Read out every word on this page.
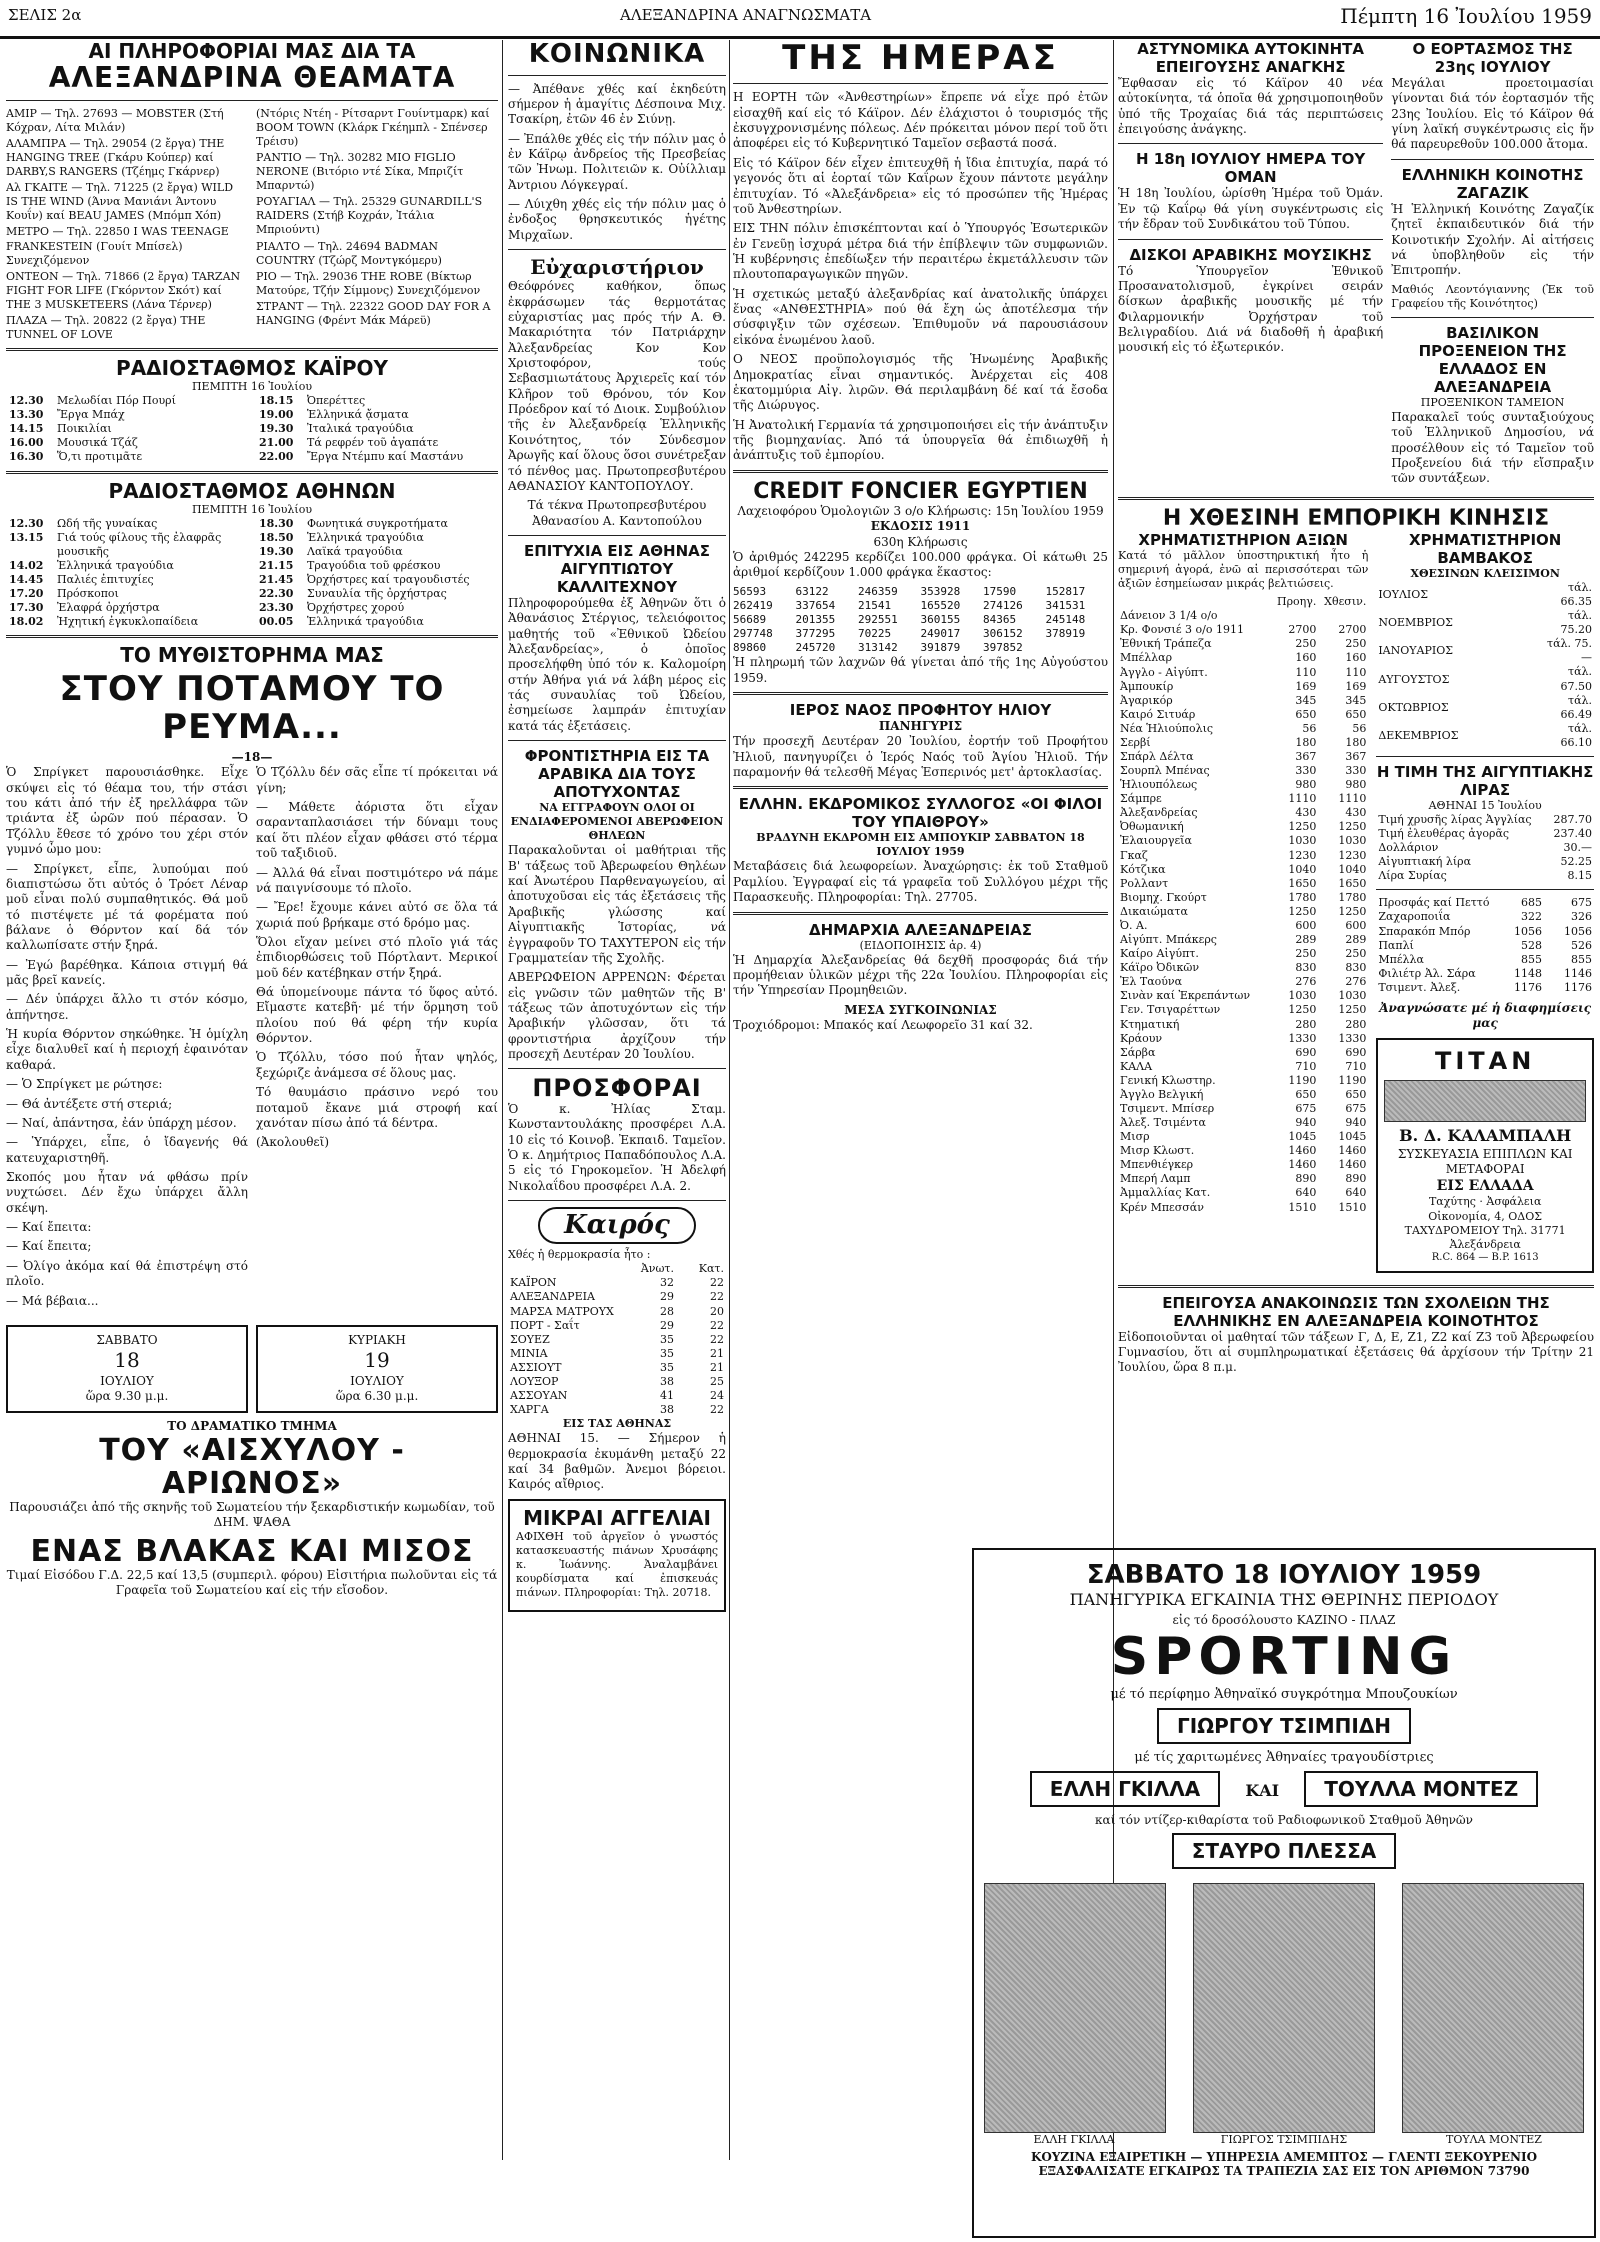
ΣΕΛΙΣ 2α	ΑΛΕΞΑΝΔΡΙΝΑ ΑΝΑΓΝΩΣΜΑΤΑ	Πέμπτη 16 Ἰουλίου 1959
ΑΙ ΠΛΗΡΟΦΟΡΙΑΙ ΜΑΣ ΔΙΑ ΤΑ
ΑΛΕΞΑΝΔΡΙΝΑ ΘΕΑΜΑΤΑ
ΑΜΙΡ — Τηλ. 27693 — MOBSTER (Στή Κόχραν, Λίτα Μιλάν)
ΑΛΑΜΠΡΑ — Τηλ. 29054 (2 ἔργα) THE HANGING TREE (Γκάρυ Κούπερ) καί DARBY,S RANGERS (Τζέημς Γκάρνερ)
Αλ ΓΚΑΙΤΕ — Τηλ. 71225 (2 ἔργα) WILD IS THE WIND (Άννα Μανιάνι Άντονυ Κουΐν) καί BEAU JAMES (Μπόμπ Χόπ)
ΜΕΤΡΟ — Τηλ. 22850 I WAS TEENAGE FRANKESTEIN (Γουίτ Μπίσελ) Συνεχιζόμενον
ΟΝΤΕΟΝ — Τηλ. 71866 (2 ἔργα) TARZAN FIGHT FOR LIFE (Γκόρντον Σκότ) καί THE 3 MUSKETEERS (Λάνα Τέρνερ)
ΠΛΑΖΑ — Τηλ. 20822 (2 ἔργα) THE TUNNEL OF LOVE
(Ντόρις Ντέη - Ρίτσαρντ Γουίντμαρκ) καί BOOM TOWN (Κλάρκ Γκέημπλ - Σπένσερ Τρέισυ)
ΡΑΝΤΙΟ — Τηλ. 30282 MIO FIGLIO NERONE (Βιτόριο ντέ Σίκα, Μπριζίτ Μπαρντώ)
ΡΟΥΑΓΙΑΛ — Τηλ. 25329 GUNARDILL'S RAIDERS (Στήβ Κοχράν, Ἰτάλια Μπριούντι)
ΡΙΑΛΤΟ — Τηλ. 24694 BADMAN COUNTRY (Τζώρζ Μοντγκόμερυ)
ΡΙΟ — Τηλ. 29036 THE ROBE (Βίκτωρ Ματούρε, Τζήν Σίμμονς) Συνεχιζόμενον
ΣΤΡΑΝΤ — Τηλ. 22322 GOOD DAY FOR A HANGING (Φρέντ Μάκ Μάρεϋ)
ΡΑΔΙΟΣΤΑΘΜΟΣ ΚΑΪΡΟΥ
ΠΕΜΠΤΗ 16 Ἰουλίου
12.30	Μελωδίαι Πόρ Πουρί
13.30	Ἔργα Μπάχ
14.15	Ποικιλίαι
16.00	Μουσικά Τζάζ
16.30	Ὅ,τι προτιμᾶτε
18.15	Ὀπερέττες
19.00	Ἑλληνικά ᾄσματα
19.30	Ἰταλικά τραγούδια
21.00	Τά ρεφρέν τοῦ ἀγαπάτε
22.00	Ἔργα Ντέμπυ καί Μαστάνυ
ΡΑΔΙΟΣΤΑΘΜΟΣ ΑΘΗΝΩΝ
ΠΕΜΠΤΗ 16 Ἰουλίου
12.30	Ωδή τῆς γυναίκας
13.15	Γιά τούς φίλους τῆς ἐλαφρᾶς μουσικῆς
14.02	Ἑλληνικά τραγούδια
14.45	Παλιές ἐπιτυχίες
17.20	Πρόσκοποι
17.30	Ἐλαφρά ὀρχήστρα
18.02	Ἠχητική ἐγκυκλοπαίδεια
18.30	Φωνητικά συγκροτήματα
18.50	Ἑλληνικά τραγούδια
19.30	Λαϊκά τραγούδια
21.15	Τραγούδια τοῦ φρέσκου
21.45	Ὀρχήστρες καί τραγουδιστές
22.30	Συναυλία τῆς ὀρχήστρας
23.30	Ὀρχήστρες χορού
00.05	Ἑλληνικά τραγούδια
ΤΟ ΜΥΘΙΣΤΟΡΗΜΑ ΜΑΣ
ΣΤΟΥ ΠΟΤΑΜΟΥ ΤΟ ΡΕΥΜΑ...
—18—

Ὁ Σπρίγκετ παρουσιάσθηκε. Εἶχε σκύψει εἰς τό θέαμα του, τήν στάσι του κάτι ἀπό τήν ἐξ ηρελλάφρα τῶν τριάντα ἐξ ὡρῶν πού πέρασαν. Ὁ Τζόλλυ ἔθεσε τό χρόνο του χέρι στόν γυμνό ὦμο μου:

— Σπρίγκετ, εἶπε, λυπούμαι πού διαπιστώσω ὅτι αὐτός ὁ Τρόετ Λέναρ μοῦ εἶναι πολύ συμπαθητικός. Θά μοῦ τό πιστέψετε μέ τά φορέματα πού βάλανε ὁ Θόρντον καί δά τόν καλλωπίσατε στήν ξηρά.

— Ἐγώ βαρέθηκα. Κάποια στιγμή θά μᾶς βρεῖ κανείς.

— Δέν ὑπάρχει ἄλλο τι στόν κόσμο, ἀπήντησε.

Ἡ κυρία Θόρντον σηκώθηκε. Ἡ ὁμίχλη εἶχε διαλυθεῖ καί ἡ περιοχή ἐφαινόταν καθαρά.

— Ὁ Σπρίγκετ με ρώτησε:

— Θά ἀντέξετε στή στεριά;

— Ναί, ἀπάντησα, ἐάν ὑπάρχη μέσον.

— Ὑπάρχει, εἶπε, ὁ ἴδαγενής θά κατευχαριστηθῆ.

Σκοπός μου ἦταν νά φθάσω πρίν νυχτώσει. Δέν ἔχω ὑπάρχει ἄλλη σκέψη.

— Καί ἔπειτα:

— Καί ἔπειτα;

— Ὀλίγο ἀκόμα καί θά ἐπιστρέψη στό πλοῖο.

— Μά βέβαια...

Ὁ Τζόλλυ δέν σᾶς εἶπε τί πρόκειται νά γίνη;

— Μάθετε ἀόριστα ὅτι εἶχαν σαρανταπλασιάσει τήν δύναμι τους καί ὅτι πλέον εἶχαν φθάσει στό τέρμα τοῦ ταξιδιοῦ.

— Ἀλλά θά εἶναι ποστιμότερο νά πάμε νά παιγνίσουμε τό πλοῖο.

— Ἔρε! ἔχουμε κάνει αὐτό σε ὅλα τά χωριά πού βρήκαμε στό δρόμο μας.

Ὅλοι εἴχαν μείνει στό πλοῖο γιά τάς ἐπιδιορθώσεις τοῦ Πόρτλαντ. Μερικοί μοῦ δέν κατέβηκαν στήν ξηρά.

Θά ὑπομείνουμε πάντα τό ὕφος αὐτό. Εἴμαστε κατεβῆ· μέ τήν ὅρμηση τοῦ πλοίου πού θά φέρη τήν κυρία Θόρντον.

Ὁ Τζόλλυ, τόσο πού ἦταν ψηλός, ξεχώριζε ἀνάμεσα σέ ὅλους μας.

Τό θαυμάσιο πράσινο νερό του ποταμοῦ ἔκανε μιά στροφή καί χανόταν πίσω ἀπό τά δέντρα.

(Ἀκολουθεῖ)

ΣΑΒΒΑΤΟ
18
ΙΟΥΛΙΟΥ
ὥρα 9.30 μ.μ.
ΚΥΡΙΑΚΗ
19
ΙΟΥΛΙΟΥ
ὥρα 6.30 μ.μ.
ΤΟ ΔΡΑΜΑΤΙΚΟ ΤΜΗΜΑ
ΤΟΥ «ΑΙΣΧΥΛΟΥ - ΑΡΙΩΝΟΣ»

Παρουσιάζει ἀπό τῆς σκηνῆς τοῦ Σωματείου τήν ξεκαρδιστικήν κωμωδίαν, τοῦ ΔΗΜ. ΨΑΘΑ

ΕΝΑΣ ΒΛΑΚΑΣ ΚΑΙ ΜΙΣΟΣ

Τιμαί Εἰσόδου Γ.Δ. 22,5 καί 13,5 (συμπεριλ. φόρου) Εἰσιτήρια πωλοῦνται εἰς τά Γραφεῖα τοῦ Σωματείου καί εἰς τήν εἴσοδον.

ΚΟΙΝΩΝΙΚΑ

— Ἀπέθανε χθές καί ἐκηδεύτη σήμερον ἡ ἀμαγίτις Δέσποινα Μιχ. Τσακίρη, ἐτῶν 46 ἐν Σιύνῃ.

— Ἐπάλθε χθές εἰς τήν πόλιν μας ὁ ἐν Κάϊρῳ ἀνδρείος τῆς Πρεσβείας τῶν Ἠνωμ. Πολιτειῶν κ. Οὐίλλιαμ Ἀντριου Λόγκεγραί.

— Λύιχθη χθές εἰς τήν πόλιν μας ὁ ἐνδοξος θρησκευτικός ἡγέτης Μιρχαῖων.

Εὐχαριστήριον

Θεόφρόνες καθήκον, ὅπως ἐκφράσωμεν τάς θερμοτάτας εὐχαριστίας μας πρός τήν Α. Θ. Μακαριότητα τόν Πατριάρχην Ἀλεξανδρείας Κον Κον Χριστοφόρον, τούς Σεβασμιωτάτους Ἀρχιερεῖς καί τόν Κλῆρον τοῦ Θρόνου, τόν Κον Πρόεδρον καί τό Διοικ. Συμβούλιον τῆς ἐν Ἀλεξανδρείᾳ Ἑλληνικῆς Κοινότητος, τόν Σύνδεσμον Ἀρωγῆς καί ὅλους ὅσοι συνέτρεξαν τό πένθος μας. Πρωτοπρεσβυτέρου ΑΘΑΝΑΣΙΟΥ ΚΑΝΤΟΠΟΥΛΟΥ.

Τά τέκνα Πρωτοπρεσβυτέρου Ἀθανασίου Α. Καντοπούλου

ΕΠΙΤΥΧΙΑ ΕΙΣ ΑΘΗΝΑΣ ΑΙΓΥΠΤΙΩΤΟΥ ΚΑΛΛΙΤΕΧΝΟΥ

Πληροφορούμεθα ἐξ Ἀθηνῶν ὅτι ὁ Ἀθανάσιος Στέργιος, τελειόφοιτος μαθητής τοῦ «Ἐθνικοῦ Ὠδείου Ἀλεξανδρείας», ὁ ὁποῖος προσελήφθη ὑπό τόν κ. Καλομοίρη στήν Ἀθήνα γιά νά λάβη μέρος εἰς τάς συναυλίας τοῦ Ὠδείου, ἐσημείωσε λαμπράν ἐπιτυχίαν κατά τάς ἐξετάσεις.

ΦΡΟΝΤΙΣΤΗΡΙΑ ΕΙΣ ΤΑ ΑΡΑΒΙΚΑ ΔΙΑ ΤΟΥΣ ΑΠΟΤΥΧΟΝΤΑΣ
ΝΑ ΕΓΓΡΑΦΟΥΝ ΟΛΟΙ ΟΙ ΕΝΔΙΑΦΕΡΟΜΕΝΟΙ ΑΒΕΡΩΦΕΙΟΝ ΘΗΛΕΩΝ

Παρακαλοῦνται οἱ μαθήτριαι τῆς Β' τάξεως τοῦ Ἀβερωφείου Θηλέων καί Ἀνωτέρου Παρθεναγωγείου, αἱ ἀποτυχοῦσαι εἰς τάς ἐξετάσεις τῆς Ἀραβικῆς γλώσσης καί Αἰγυπτιακῆς Ἱστορίας, νά ἐγγραφοῦν ΤΟ ΤΑΧΥΤΕΡΟΝ εἰς τήν Γραμματείαν τῆς Σχολῆς.

ΑΒΕΡΩΦΕΙΟΝ ΑΡΡΕΝΩΝ: Φέρεται εἰς γνῶσιν τῶν μαθητῶν τῆς Β' τάξεως τῶν ἀποτυχόντων εἰς τήν Ἀραβικήν γλῶσσαν, ὅτι τά φροντιστήρια ἀρχίζουν τήν προσεχῆ Δευτέραν 20 Ἰουλίου.

ΠΡΟΣΦΟΡΑΙ

Ὁ κ. Ἠλίας Σταμ. Κωνσταντουλάκης προσφέρει Λ.Α. 10 εἰς τό Κοινοβ. Ἐκπαιδ. Ταμεῖον. Ὁ κ. Δημήτριος Παπαδόπουλος Λ.Α. 5 εἰς τό Γηροκομεῖον. Ἡ Ἀδελφή Νικολαΐδου προσφέρει Λ.Α. 2.

Καιρός
Χθές ἡ θερμοκρασία ἦτο :
	Ἀνωτ.	Κατ.
ΚΑΪΡΟΝ	32	22
ΑΛΕΞΑΝΔΡΕΙΑ	29	22
ΜΑΡΣΑ ΜΑΤΡΟΥΧ	28	20
ΠΟΡΤ - Σαΐτ	29	22
ΣΟΥΕΖ	35	22
ΜΙΝΙΑ	35	21
ΑΣΣΙΟΥΤ	35	21
ΛΟΥΞΟΡ	38	25
ΑΣΣΟΥΑΝ	41	24
ΧΑΡΓΑ	38	22
ΕΙΣ ΤΑΣ ΑΘΗΝΑΣ

ΑΘΗΝΑΙ 15. — Σήμερον ἡ θερμοκρασία ἐκυμάνθη μεταξύ 22 καί 34 βαθμῶν. Ἀνεμοι βόρειοι. Καιρός αἴθριος.

ΜΙΚΡΑΙ ΑΓΓΕΛΙΑΙ

ΑΦΙΧΘΗ τοῦ ἀργεῖον ὁ γνωστός κατασκευαστής πιάνων Χρυσάφης κ. Ἰωάννης. Ἀναλαμβάνει κουρδίσματα καί ἐπισκευάς πιάνων. Πληροφορίαι: Τηλ. 20718.

ΤΗΣ ΗΜΕΡΑΣ

Η ΕΟΡΤΗ τῶν «Ἀνθεστηρίων» ἔπρεπε νά εἶχε πρό ἐτῶν εἰσαχθῆ καί εἰς τό Κάϊρον. Δέν ἐλάχιστοι ὁ τουρισμός τῆς ἐκσυγχρονισμένης πόλεως. Δέν πρόκειται μόνον περί τοῦ ὅτι ἀποφέρει εἰς τό Κυβερνητικό Ταμεῖον σεβαστά ποσά.

Εἰς τό Κάϊρον δέν εἶχεν ἐπιτευχθῆ ἡ ἴδια ἐπιτυχία, παρά τό γεγονός ὅτι αἱ ἑορταί τῶν Καΐρων ἔχουν πάντοτε μεγάλην ἐπιτυχίαν. Τό «Ἀλεξάνδρεια» εἰς τό προσώπεν τῆς Ἡμέρας τοῦ Ἀνθεστηρίων.

ΕΙΣ ΤΗΝ πόλιν ἐπισκέπτονται καί ὁ Ὑπουργός Ἐσωτερικῶν ἐν Γενεῦῃ ἰσχυρά μέτρα διά τήν ἐπίβλεψιν τῶν συμφωνιῶν. Ἡ κυβέρνησις ἐπεδίωξεν τήν περαιτέρω ἐκμετάλλευσιν τῶν πλουτοπαραγωγικῶν πηγῶν.

Ἡ σχετικώς μεταξύ ἀλεξανδρίας καί ἀνατολικῆς ὑπάρχει ἕνας «ΑΝΘΕΣΤΗΡΙΑ» πού θά ἔχη ὡς ἀποτέλεσμα τήν σύσφιγξιν τῶν σχέσεων. Ἐπιθυμοῦν νά παρουσιάσουν εἰκόνα ἑνωμένου λαοῦ.

Ο ΝΕΟΣ προϋπολογισμός τῆς Ἡνωμένης Ἀραβικῆς Δημοκρατίας εἶναι σημαντικός. Ἀνέρχεται εἰς 408 ἑκατομμύρια Αἰγ. λιρῶν. Θά περιλαμβάνη δέ καί τά ἔσοδα τῆς Διώρυγος.

Ἡ Ἀνατολική Γερμανία τά χρησιμοποιήσει εἰς τήν ἀνάπτυξιν τῆς βιομηχανίας. Ἀπό τά ὑπουργεῖα θά ἐπιδιωχθῆ ἡ ἀνάπτυξις τοῦ ἐμπορίου.

CREDIT FONCIER EGYPTIEN
Λαχειοφόρου Ὁμολογιῶν 3 ο/ο Κλήρωσις: 15η Ἰουλίου 1959
ΕΚΔΟΣΙΣ 1911
630η Κλήρωσις

Ὁ ἀριθμός 242295 κερδίζει 100.000 φράγκα. Οἱ κάτωθι 25 ἀριθμοί κερδίζουν 1.000 φράγκα ἕκαστος:

56593	63122	246359	353928	17590	152817
262419	337654	21541	165520	274126	341531
56689	201355	292551	360155	84365	245148
297748	377295	70225	249017	306152	378919
89860	245720	313142	391879	397852

Ἡ πληρωμή τῶν λαχνῶν θά γίνεται ἀπό τῆς 1ης Αὐγούστου 1959.

ΙΕΡΟΣ ΝΑΟΣ ΠΡΟΦΗΤΟΥ ΗΛΙΟΥ
ΠΑΝΗΓΥΡΙΣ

Τήν προσεχῆ Δευτέραν 20 Ἰουλίου, ἐορτήν τοῦ Προφήτου Ἠλιοῦ, πανηγυρίζει ὁ Ἱερός Ναός τοῦ Ἁγίου Ἠλιοῦ. Τήν παραμονήν θά τελεσθῆ Μέγας Ἑσπερινός μετ' ἀρτοκλασίας.

ΕΛΛΗΝ. ΕΚΔΡΟΜΙΚΟΣ ΣΥΛΛΟΓΟΣ «ΟΙ ΦΙΛΟΙ ΤΟΥ ΥΠΑΙΘΡΟΥ»
ΒΡΑΔΥΝΗ ΕΚΔΡΟΜΗ ΕΙΣ ΑΜΠΟΥΚΙΡ ΣΑΒΒΑΤΟΝ 18 ΙΟΥΛΙΟΥ 1959

Μεταβάσεις διά λεωφορείων. Ἀναχώρησις: ἐκ τοῦ Σταθμοῦ Ραμλίου. Ἐγγραφαί εἰς τά γραφεῖα τοῦ Συλλόγου μέχρι τῆς Παρασκευῆς. Πληροφορίαι: Τηλ. 27705.

ΔΗΜΑΡΧΙΑ ΑΛΕΞΑΝΔΡΕΙΑΣ
(ΕΙΔΟΠΟΙΗΣΙΣ ἀρ. 4)

Ἡ Δημαρχία Ἀλεξανδρείας θά δεχθῆ προσφοράς διά τήν προμήθειαν ὑλικῶν μέχρι τῆς 22α Ἰουλίου. Πληροφορίαι εἰς τήν Ὑπηρεσίαν Προμηθειῶν.

ΜΕΣΑ ΣΥΓΚΟΙΝΩΝΙΑΣ

Τροχιόδρομοι: Μπακός καί Λεωφορεῖο 31 καί 32.

ΑΣΤΥΝΟΜΙΚΑ ΑΥΤΟΚΙΝΗΤΑ ΕΠΕΙΓΟΥΣΗΣ ΑΝΑΓΚΗΣ

Ἔφθασαν εἰς τό Κάϊρον 40 νέα αὐτοκίνητα, τά ὁποῖα θά χρησιμοποιηθοῦν ὑπό τῆς Τροχαίας διά τάς περιπτώσεις ἐπειγούσης ἀνάγκης.

Η 18η ΙΟΥΛΙΟΥ ΗΜΕΡΑ ΤΟΥ ΟΜΑΝ

Ἡ 18η Ἰουλίου, ὡρίσθη Ἡμέρα τοῦ Ὀμάν. Ἐν τῷ Καΐρῳ θά γίνη συγκέντρωσις εἰς τήν ἔδραν τοῦ Συνδικάτου τοῦ Τύπου.

ΔΙΣΚΟΙ ΑΡΑΒΙΚΗΣ ΜΟΥΣΙΚΗΣ

Τό Ὑπουργεῖον Ἐθνικοῦ Προσανατολισμοῦ, ἐγκρίνει σειράν δίσκων ἀραβικῆς μουσικῆς μέ τήν Φιλαρμονικήν Ὀρχήστραν τοῦ Βελιγραδίου. Διά νά διαδοθῆ ἡ ἀραβική μουσική εἰς τό ἐξωτερικόν.

Ο ΕΟΡΤΑΣΜΟΣ ΤΗΣ 23ης ΙΟΥΛΙΟΥ

Μεγάλαι προετοιμασίαι γίνονται διά τόν ἑορτασμόν τῆς 23ης Ἰουλίου. Εἰς τό Κάϊρον θά γίνη λαϊκή συγκέντρωσις εἰς ἥν θά παρευρεθοῦν 100.000 ἄτομα.

ΕΛΛΗΝΙΚΗ ΚΟΙΝΟΤΗΣ ΖΑΓΑΖΙΚ

Ἡ Ἑλληνική Κοινότης Ζαγαζίκ ζητεῖ ἐκπαιδευτικόν διά τήν Κοινοτικήν Σχολήν. Αἱ αἰτήσεις νά ὑποβληθοῦν εἰς τήν Ἐπιτροπήν.

Μαθιός Λεοντόγιαννης (Ἐκ τοῦ Γραφείου τῆς Κοινότητος)

ΒΑΣΙΛΙΚΟΝ ΠΡΟΞΕΝΕΙΟΝ ΤΗΣ ΕΛΛΑΔΟΣ ΕΝ ΑΛΕΞΑΝΔΡΕΙΑ
ΠΡΟΞΕΝΙΚΟΝ ΤΑΜΕΙΟΝ

Παρακαλεῖ τούς συνταξιούχους τοῦ Ἑλληνικοῦ Δημοσίου, νά προσέλθουν εἰς τό Ταμεῖον τοῦ Προξενείου διά τήν εἴσπραξιν τῶν συντάξεων.

Η ΧΘΕΣΙΝΗ ΕΜΠΟΡΙΚΗ ΚΙΝΗΣΙΣ
ΧΡΗΜΑΤΙΣΤΗΡΙΟΝ ΑΞΙΩΝ

Κατά τό μᾶλλον ὑποστηρικτική ἦτο ἡ σημερινή ἀγορά, ἐνῶ αἱ περισσότεραι τῶν ἀξιῶν ἐσημείωσαν μικράς βελτιώσεις.

	Προηγ.	Χθεσιν.
Δάνειον 3 1/4 ο/ο		
Κρ. Φονσιέ 3 ο/ο 1911	2700	2700
Ἐθνική Τράπεζα	250	250
Μπέλλαρ	160	160
Ἀγγλο - Αἰγύπτ.	110	110
Ἀμπουκίρ	169	169
Ἀγαρικόρ	345	345
Καιρό Σιτυάρ	650	650
Νέα Ἡλιούπολις	56	56
Σερβί	180	180
Σπάρλ Δέλτα	367	367
Σουρπλ Μπένας	330	330
Ἡλιουπόλεως	980	980
Σάμπρε	1110	1110
Ἀλεξανδρείας	430	430
Ὀθωμανική	1250	1250
Ἐλαιουργεῖα	1030	1030
Γκαζ	1230	1230
Κότζικα	1040	1040
Ρολλαντ	1650	1650
Βιομηχ. Γκούρτ	1780	1780
Δικαιώματα	1250	1250
Ὀ. Α.	600	600
Αἰγύπτ. Μπάκερς	289	289
Καίρο Αἰγύπτ.	250	250
Κάϊρο Ὀδικῶν	830	830
Ἐλ Ταούνα	276	276
Σινὰν καί Ἐκρεπάντων	1030	1030
Γεν. Τσιγαρέττων	1250	1250
Κτηματική	280	280
Κράουν	1330	1330
Σάρβα	690	690
ΚΑΛΑ	710	710
Γενική Κλωστηρ.	1190	1190
Ἀγγλο Βελγική	650	650
Τσιμεντ. Μπίσερ	675	675
Ἀλεξ. Τσιμέντα	940	940
Μισρ	1045	1045
Μισρ Κλωστ.	1460	1460
Μπενθιέγκερ	1460	1460
Μπερή Λαμπ	890	890
Ἀμμαλλίας Κατ.	640	640
Κρέν Μπεσσάν	1510	1510
ΧΡΗΜΑΤΙΣΤΗΡΙΟΝ ΒΑΜΒΑΚΟΣ
ΧΘΕΣΙΝΩΝ ΚΛΕΙΣΙΜΟΝ
ΙΟΥΛΙΟΣ	τάλ. 66.35
ΝΟΕΜΒΡΙΟΣ	τάλ. 75.20
ΙΑΝΟΥΑΡΙΟΣ	τάλ. 75.—
ΑΥΓΟΥΣΤΟΣ	τάλ. 67.50
ΟΚΤΩΒΡΙΟΣ	τάλ. 66.49
ΔΕΚΕΜΒΡΙΟΣ	τάλ. 66.10
Η ΤΙΜΗ ΤΗΣ ΑΙΓΥΠΤΙΑΚΗΣ ΛΙΡΑΣ
ΑΘΗΝΑΙ 15 Ἰουλίου
Τιμή χρυσῆς λίρας Ἀγγλίας	287.70
Τιμή ἐλευθέρας ἀγορᾶς	237.40
Δολλάριον	30.—
Αἰγυπτιακή λίρα	52.25
Λίρα Συρίας	8.15
Προσφάς καί Πεττό	685	675
Ζαχαροποιΐα	322	326
Σπαρακόπ Μπόρ	1056	1056
Παπλί	528	526
Μπέλλα	855	855
Φιλιέτρ Ἀλ. Σάρα	1148	1146
Τσιμεντ. Ἀλεξ.	1176	1176
Ἀναγνώσατε μέ ἡ διαφημίσεις μας
ΤΙΤΑΝ
Β. Δ. ΚΑΛΑΜΠΑΛΗ
ΣΥΣΚΕΥΑΣΙΑ ΕΠΙΠΛΩΝ ΚΑΙ ΜΕΤΑΦΟΡΑΙ
ΕΙΣ ΕΛΛΑΔΑ
Ταχύτης · Ἀσφάλεια
Οἰκονομία, 4, ΟΔΟΣ ΤΑΧΥΔΡΟΜΕΙΟΥ Τηλ. 31771 Ἀλεξάνδρεια
R.C. 864 — B.P. 1613
ΕΠΕΙΓΟΥΣΑ ΑΝΑΚΟΙΝΩΣΙΣ ΤΩΝ ΣΧΟΛΕΙΩΝ ΤΗΣ ΕΛΛΗΝΙΚΗΣ ΕΝ ΑΛΕΞΑΝΔΡΕΙΑ ΚΟΙΝΟΤΗΤΟΣ

Εἰδοποιοῦνται οἱ μαθηταί τῶν τάξεων Γ, Δ, Ε, Ζ1, Ζ2 καί Ζ3 τοῦ Ἀβερωφείου Γυμνασίου, ὅτι αἱ συμπληρωματικαί ἐξετάσεις θά ἀρχίσουν τήν Τρίτην 21 Ἰουλίου, ὥρα 8 π.μ.

ΣΑΒΒΑΤΟ 18 ΙΟΥΛΙΟΥ 1959
ΠΑΝΗΓΥΡΙΚΑ ΕΓΚΑΙΝΙΑ ΤΗΣ ΘΕΡΙΝΗΣ ΠΕΡΙΟΔΟΥ
εἰς τό δροσόλουστο ΚΑΖΙΝΟ - ΠΛΑΖ
SPORTING
μέ τό περίφημο Ἀθηναϊκό συγκρότημα Μπουζουκίων
ΓΙΩΡΓΟΥ ΤΣΙΜΠΙΔΗ
μέ τίς χαριτωμένες Ἀθηναίες τραγουδίστριες
ΕΛΛΗ ΓΚΙΛΛΑ	ΚΑΙ ΤΟΥΛΛΑ ΜΟΝΤΕΖ
καί τόν ντίζερ-κιθαρίστα τοῦ Ραδιοφωνικοῦ Σταθμοῦ Ἀθηνῶν
ΣΤΑΥΡΟ ΠΛΕΣΣΑ
ΕΛΛΗ ΓΚΙΛΛΑ	ΓΙΩΡΓΟΣ ΤΣΙΜΠΙΔΗΣ	ΤΟΥΛΑ ΜΟΝΤΕΖ
ΚΟΥΖΙΝΑ ΕΞΑΙΡΕΤΙΚΗ — ΥΠΗΡΕΣΙΑ ΑΜΕΜΠΤΟΣ — ΓΛΕΝΤΙ ΞΕΚΟΥΡΕΝΙΟ
ΕΞΑΣΦΑΛΙΣΑΤΕ ΕΓΚΑΙΡΩΣ ΤΑ ΤΡΑΠΕΖΙΑ ΣΑΣ ΕΙΣ ΤΟΝ ΑΡΙΘΜΟΝ 73790
